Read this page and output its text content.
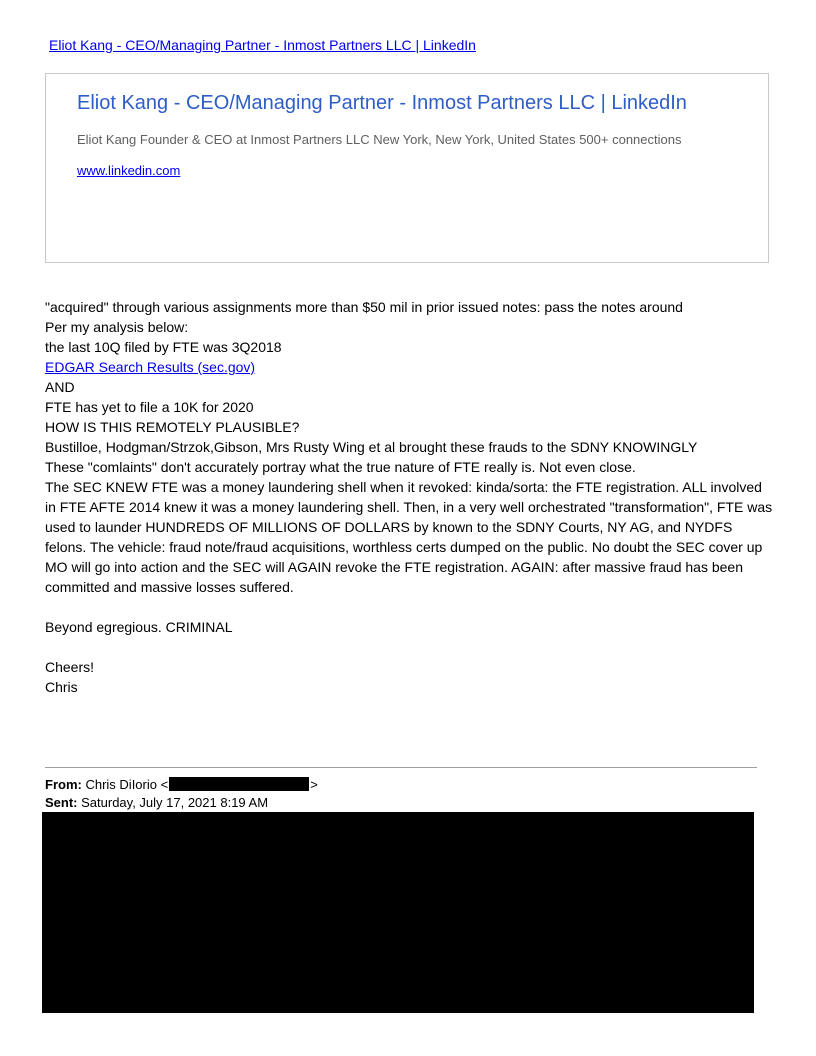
Eliot Kang - CEO/Managing Partner - Inmost Partners LLC | LinkedIn
Eliot Kang - CEO/Managing Partner - Inmost Partners LLC | LinkedIn
Eliot Kang Founder & CEO at Inmost Partners LLC New York, New York, United States 500+ connections
www.linkedin.com
"acquired" through various assignments more than $50 mil in prior issued notes: pass the notes around
Per my analysis below:
the last 10Q filed by FTE was 3Q2018
EDGAR Search Results (sec.gov)
AND
FTE has yet to file a 10K for 2020
HOW IS THIS REMOTELY PLAUSIBLE?
Bustilloe, Hodgman/Strzok,Gibson, Mrs Rusty Wing et al brought these frauds to the SDNY KNOWINGLY
These "comlaints" don't accurately portray what the true nature of FTE really is. Not even close.
The SEC KNEW FTE was a money laundering shell when it revoked: kinda/sorta: the FTE registration. ALL involved in FTE AFTE 2014 knew it was a money laundering shell. Then, in a very well orchestrated "transformation", FTE was used to launder HUNDREDS OF MILLIONS OF DOLLARS by known to the SDNY Courts, NY AG, and NYDFS felons. The vehicle: fraud note/fraud acquisitions, worthless certs dumped on the public. No doubt the SEC cover up MO will go into action and the SEC will AGAIN revoke the FTE registration. AGAIN: after massive fraud has been committed and massive losses suffered.
Beyond egregious. CRIMINAL
Cheers!
Chris
From: Chris DiIorio <	>
Sent: Saturday, July 17, 2021 8:19 AM
